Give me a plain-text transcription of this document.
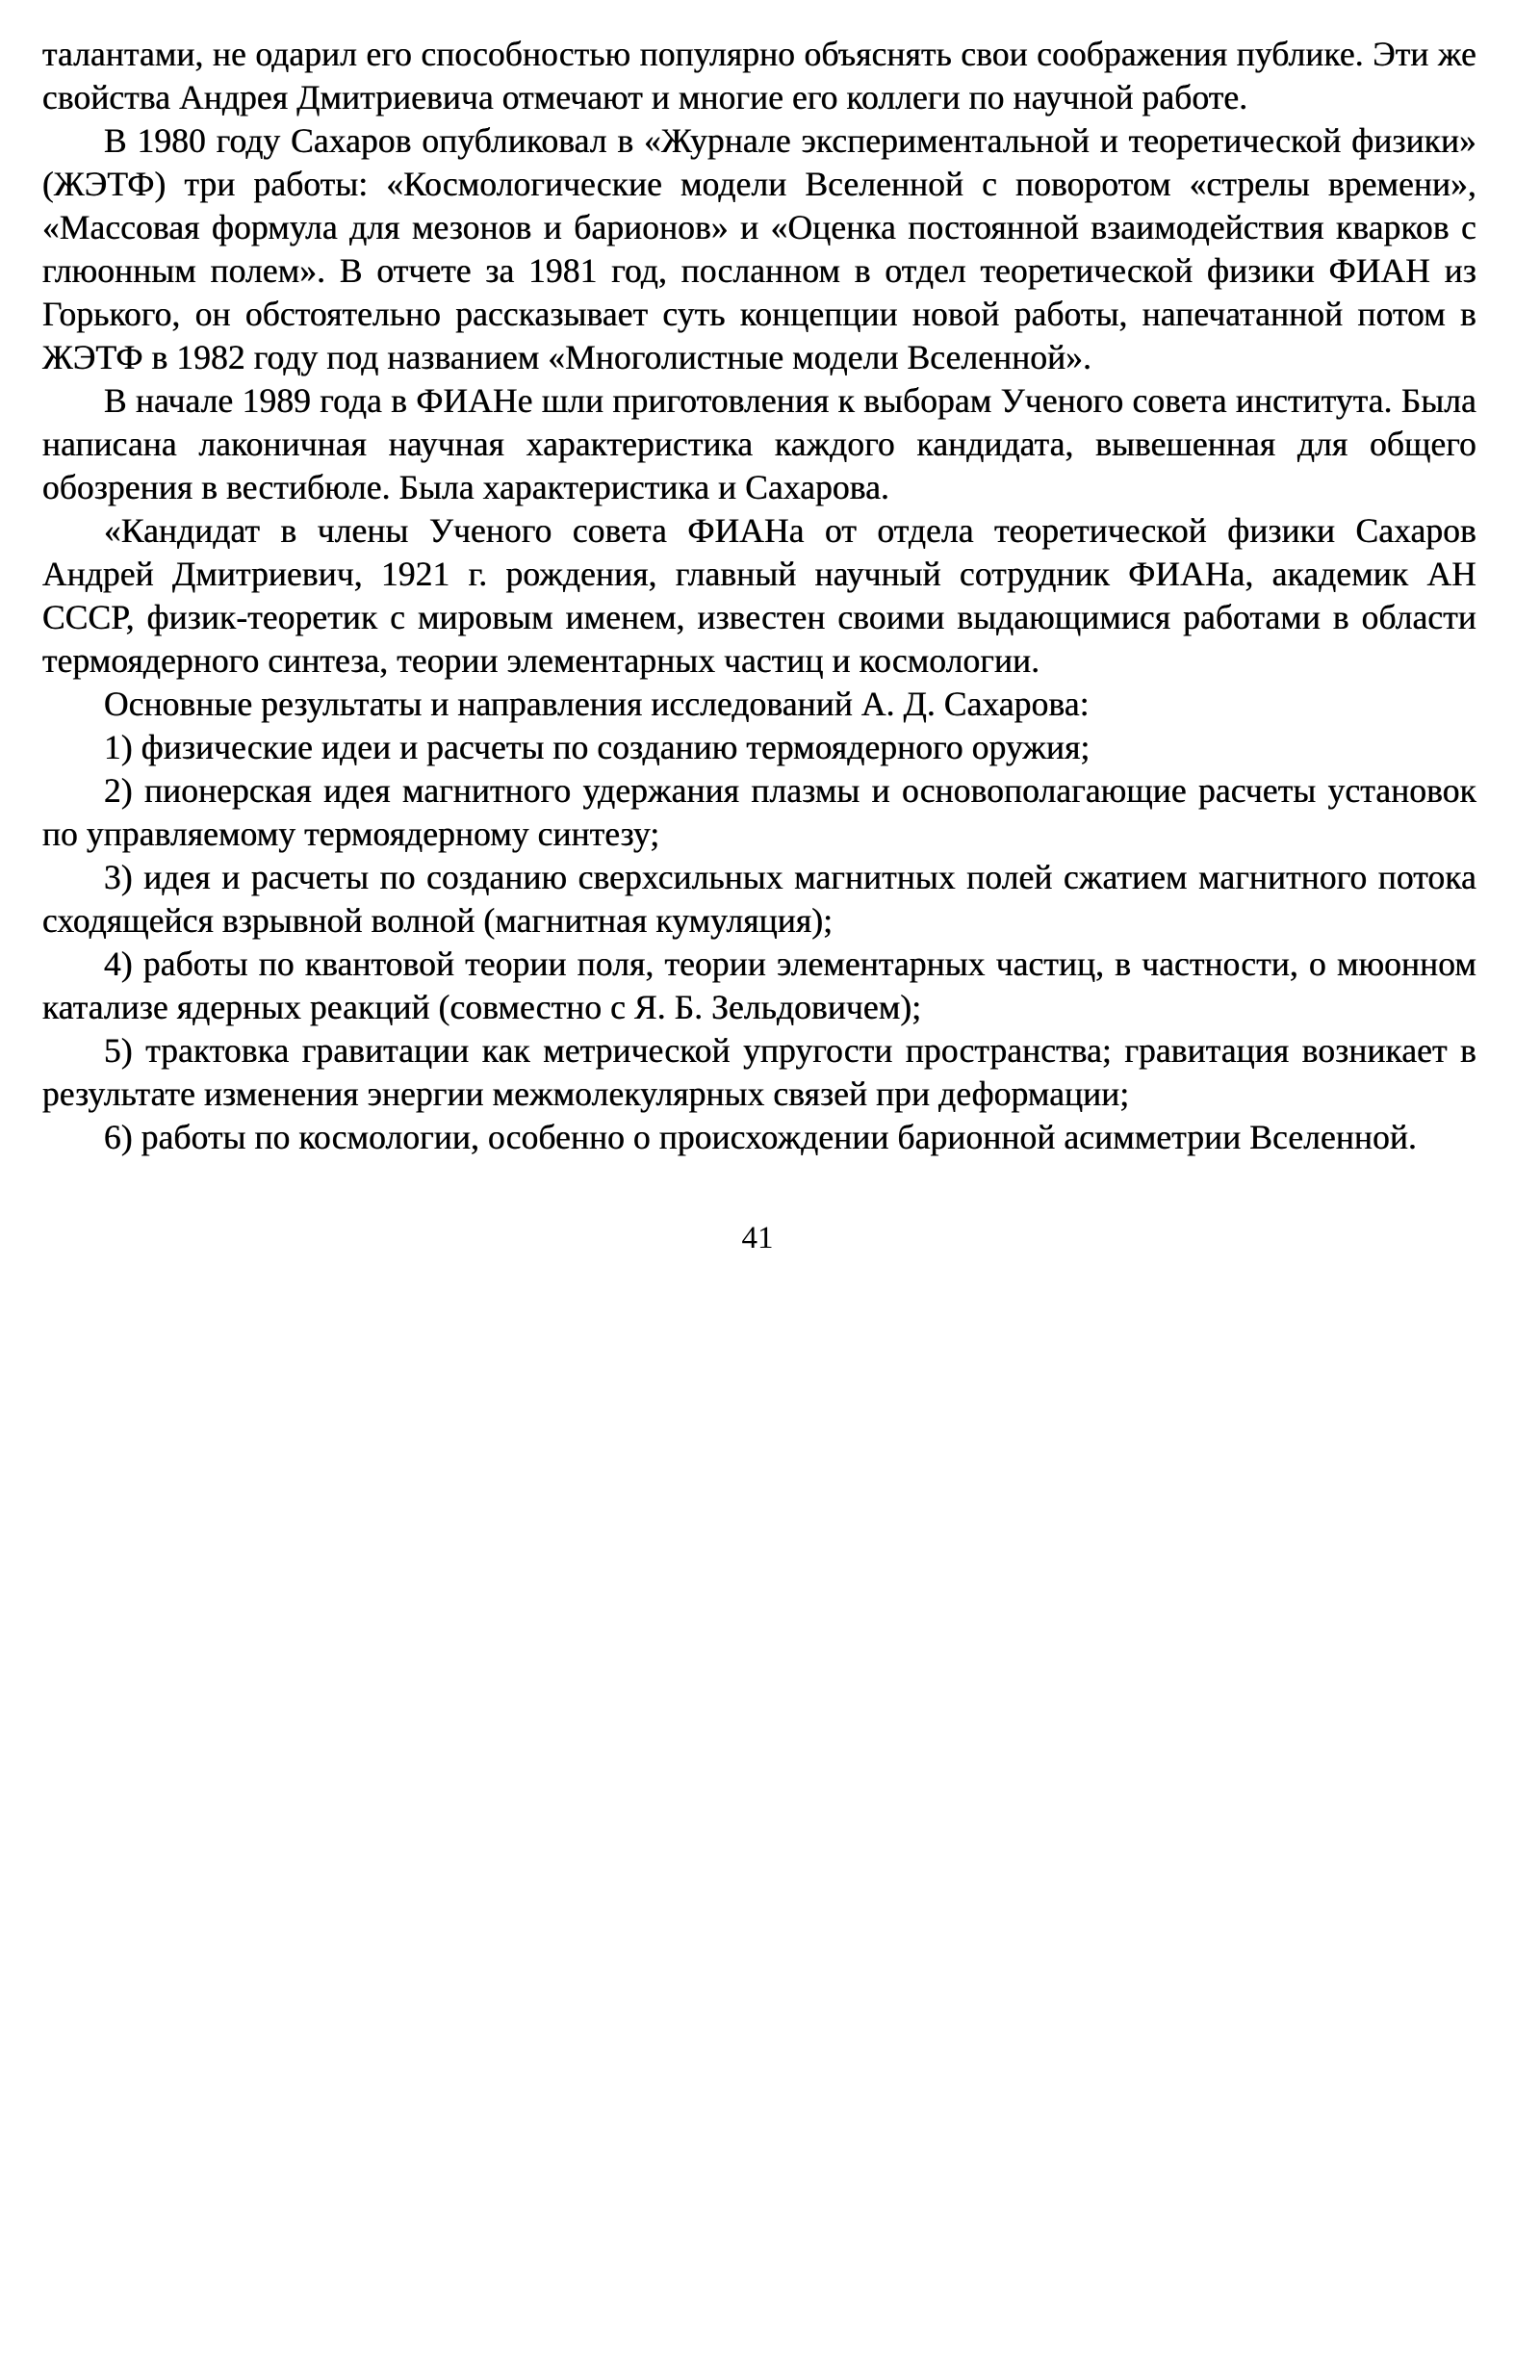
талантами, не одарил его способностью популярно объяснять свои соображения публике. Эти же свойства Андрея Дмитриевича отмечают и многие его коллеги по научной работе.

В 1980 году Сахаров опубликовал в «Журнале экспериментальной и теоретической физики» (ЖЭТФ) три работы: «Космологические модели Вселенной с поворотом «стрелы времени», «Массовая формула для мезонов и барионов» и «Оценка постоянной взаимодействия кварков с глюонным полем». В отчете за 1981 год, посланном в отдел теоретической физики ФИАН из Горького, он обстоятельно рассказывает суть концепции новой работы, напечатанной потом в ЖЭТФ в 1982 году под названием «Многолистные модели Вселенной».

В начале 1989 года в ФИАНе шли приготовления к выборам Ученого совета института. Была написана лаконичная научная характеристика каждого кандидата, вывешенная для общего обозрения в вестибюле. Была характеристика и Сахарова.

«Кандидат в члены Ученого совета ФИАНа от отдела теоретической физики Сахаров Андрей Дмитриевич, 1921 г. рождения, главный научный сотрудник ФИАНа, академик АН СССР, физик-теоретик с мировым именем, известен своими выдающимися работами в области термоядерного синтеза, теории элементарных частиц и космологии.

Основные результаты и направления исследований А. Д. Сахарова:

1) физические идеи и расчеты по созданию термоядерного оружия;

2) пионерская идея магнитного удержания плазмы и основополагающие расчеты установок по управляемому термоядерному синтезу;

3) идея и расчеты по созданию сверхсильных магнитных полей сжатием магнитного потока сходящейся взрывной волной (магнитная кумуляция);

4) работы по квантовой теории поля, теории элементарных частиц, в частности, о мюонном катализе ядерных реакций (совместно с Я. Б. Зельдовичем);

5) трактовка гравитации как метрической упругости пространства; гравитация возникает в результате изменения энергии межмолекулярных связей при деформации;

6) работы по космологии, особенно о происхождении барионной асимметрии Вселенной.

41
